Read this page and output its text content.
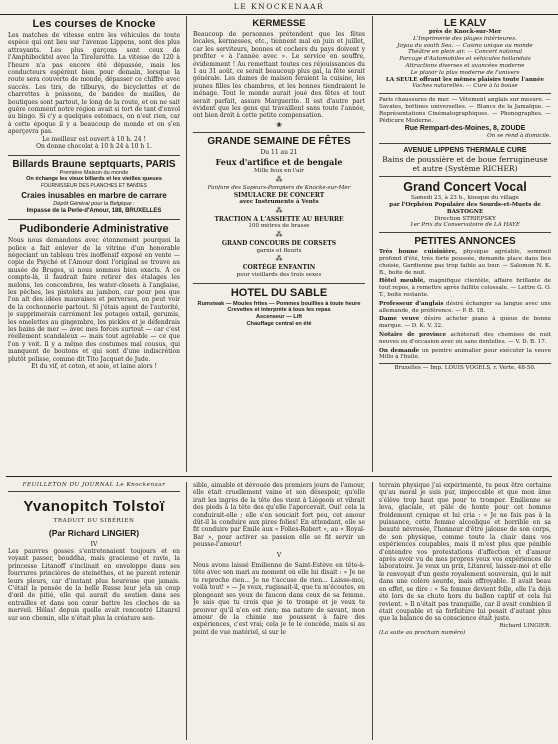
LE KNOCKENAAR
Les courses de Knocke

Les matches de vitesse entre les véhicules de toute espèce qui ont lieu sur l'avenue Lippens, sont des plus attrayants. Les plus garçons sont ceux de l'Amphibocktel avec la Tirelurette. La vitesse de 120 à l'heure n'a pas encore été dépassée, mais les conducteurs espèrent bien pour demain, lorsque la route sera couverte de monde, dépasser ce chiffre avec succès. Les tirs, de tilburys, de bicyclettes et de charrettes à poissons, de bandes de mailles, de boutiques sont partout, le long de la route, et on ne sait guère comment notre région avait si tort de tant d'envol au bingo. Si c'y a quelques estomacs, on n'est rien, car à cette époque il y a beaucoup de monde et on s'en aperçevra pas.

Le meilleur est ouvert à 10 h. 24 !

On donne chocolat à 10 h 24 à 10 h 1.

Billards Braune septquarts, PARIS

Première Maison du monde

On échange les vieux billards et les vieilles queues

FOURNISSEUR DES PLANCHES ET BANDES

Craies inusables en marbre de carrare

Dépôt Général pour la Belgique :

Impasse de la Perle-d'Amour, 188, BRUXELLES

Pudibonderie Administrative

Nous nous demandons avec étonnement pourquoi la police a fait enlever de la vitrine d'un honorable négociant un tableau très inoffensif exposé en vente — copie de Psyché et l'Amour dont l'original se trouve au musée de Bruges, si nous sommes bien exacts. A ce compte-là, il faudrait faire retirer des étalages les melons, les concombres, les water-closets à l'anglaise, les pêches, les pistolets au jambon, car pour peu que l'on ait des idées mauvaises et perverses, on peut voir de la cochonnerie partout. Si j'étais agent de l'autorité, je supprimerais carrément les potages oxtail, gerumis, les omelettes au gingembre, les pickles et je défendrais les bains de mer — avec mes forces surtout — car c'est réellement scandaleux — mais tout agréable — ce que l'on y voit. Il y a même des costumes mal cousus, qui manquent de boutons et qui sont d'une indiscrétion plutôt polisse, comme dit Tito Jacquet de Jude.

Et du vif, et coton, et soie, et laine alors !

KERMESSE

Beaucoup de personnes prétendent que les fêtes locales, kermesses, etc., tiennent mal en juin et juillet, car les serviteurs, bonnes et cochers du pays doivent y profiter « à l'année avec ». Le service en souffre, évidemment ! Au remettant toutes ces réjouissances du 1 au 31 août, ce serait beaucoup plus gai, la fête serait générale. Les dames de maison feraient la cuisine, les jeunes filles les chambres, et les bonnes tiendraient le ménage. Tout le monde aurait joué des fêtes et tout serait parfait, assure Marguerite. Il est d'autre part évident que les gens qui travaillent sans toute l'année, ont bien droit à cette petite compensation.

❀
GRANDE SEMAINE DE FÊTES

Du 11 au 21

Feux d'artifice et de bengale

Mille feux en l'air

⁂

Fanfare des Sapeurs-Pompiers de Knocke-sur-Mer

SIMULACRE DE CONCERT

avec Instruments à Vents

⁂

TRACTION A L'ASSIETTE AU BEURRE

100 mètres de brasse

⁂

GRAND CONCOURS DE CORSETS

garnis et fleuris

⁂

CORTÈGE ENFANTIN

pour vieillards des trois sexes

HOTEL DU SABLE

Rumsteak — Moules frites — Pommes bouillies à toute heure

Crevettes et interprète à tous les repas

Ascenseur — Lift

Chauffage central en été

LE KALV

près de Knock-sur-Mer

L'Imprimerie des plages intérieures.

Joyau du south Sea. — Casino unique au monde

Théâtre en plein air. — Concert national

Parcage d'Automobiles et véhicules hollandais

Attractions diverses et avancées moderne

Le plaisir la plus moderne de l'univers

LA SEULE offrant les mêmes plaisirs toute l'année

Vaches naturelles. — Cure à la bouse

Paris chaussures de mer. — Vêtement anglais sur mesure. — Savates, bottines universelles. — Blancs de la Jamaïque. — Représentations Cinématographiques. — Phonographes. — Pédicure Moderne.

Rue Rempart-des-Moines, 8, ZOUDE

On se rend à domicile.

AVENUE LIPPENS THERMALE CURE

Bains de poussière et de boue ferrugineuse et autre (Système RICHER)

Grand Concert Vocal

Samedi 23, à 23 h., kiosque du village

par l'Orphéon Populaire des Sourds-et-Muets de BASTOGNE

Direction STRIEPSKY

1er Prix du Conservatoire de LA HAYE

PETITES ANNONCES

Très bonne cuisinière, physique agréable, sommeil profond d'été, très forte poussée, demande place dans lieu choisie, Gardienne pas trop faible au tour. — Salomon N. K. B., boite de nuit.

Hôtel meublé, magnifique clientèle, affaire brillante de tout repos, à remettre après faillite colossale. — Lettre G. O. T., boite restante.

Professeur d'anglais désiré échanger sa langue avec une allemande, de préférence. — P. B. 18.

Dame veuve désire acheter piano à queue de bonne marque. — D. K. V. 32.

Notaire de province achèterait des chemises de nuit neuves ou d'occasion avec ou sans dentelles. — V. D. B. 17.

On demande un peintre animalier pour exécuter la veuve Millo à l'huile.

Bruxelles — Imp. LOUIS VOGELS, r. Verte, 48-50.

FEUILLETON DU JOURNAL Le Knockenaar

Yvanopitch Tolstoï

TRADUIT DU SIBÉRIEN

(Par Richard LINGIER)

IV

Les pauvres gosses s'entretenaient toujours et en voyant passer, bouddha, mais gracieuse et ravie, la princesse Litanoff s'inclinait en enveloppe dans ses fourrures princières de steinéthes, et ne purent retenir leurs pleurs, car d'instant plus heureuse que jamais. C'était la pensée de la belle Russe leur jeta un coup d'œil de pitié, elle qui aurait du soutien dans ses entrailles et dans son cœur battre les cloches de sa merveil. Hélas! depuis quelle avait rencontré Litanrel sur son chemin, elle n'était plus la créature sen-

sible, aimable et dévouée des premiers jours de l'amour, elle était cruellement vaine et son désespoir, qu'elle irait les ingrès de la tête des vient à Liégeois et vibrait des pieds à la tête des qu'elle l'apercevait. Oui! cela la conduirait-elle ; elle s'en souciait fort peu, cet amour dût-il la conduire aux pires folies! En attendant, elle se fit conduire par Émile aux « Folies-Robert », au « Royal-Bar », pour activer sa passion elle se fit servir un pousse-l'amour!

V

Nous avons laissé Emilienne de Saint-Estève en tête-à-tête avec son mari au moment où elle lui disait : « Je ne te reproche rien... Je ne t'accuse de rien... Laisse-moi, voilà tout! » — Je veux, rugissait-il, que tu m'écoutes, en plongeant ses yeux de faucon dans ceux de sa femme. Je sais que tu crois que je te trompe et je veux te prouver qu'il n'en est rien; ma nature de savant, mon amour de la chimie me poussent à faire des expériences, c'est vrai; cela je te le concède, mais si au point de vue matériel, si sur le

terrain physique j'ai expérimenté, tu peux être certaine qu'au moral je suis pur, impeccable et que mon âme s'élève trop haut que pour te tromper. Emilienne se leva, glaciale, et pâle de honte pour cet homme froidement cynique et lui cria : « Je ne fais pas à la puissance, cette femme alcoolique et horrible en sa beauté névrosée, l'honneur d'être jalouse de son corps, de son physique, comme toute la chair dans vos expériences coupables, mais il m'est plus que pénible d'entendre vos protestations d'affection et d'amour après avoir vu de mes propres yeux vos expériences de laboratoire. Je veux un prix, Litanrel, laissez-moi et elle le renvoyait d'un geste royalement souverain, qui le mit dans une colère sourde, mais effroyable. Il avait beau en effet, se dire : « Sa femme devient folle, elle l'a déjà été lors de sa chute hors du ballon captif et cela lui revient. » Il n'était pas tranquille, car il avait combien il était coupable et sa forfaiture lui pesait d'autant plus que la balance de sa conscience était juste.

Richard LINGIER.

(La suite au prochain numéro)
